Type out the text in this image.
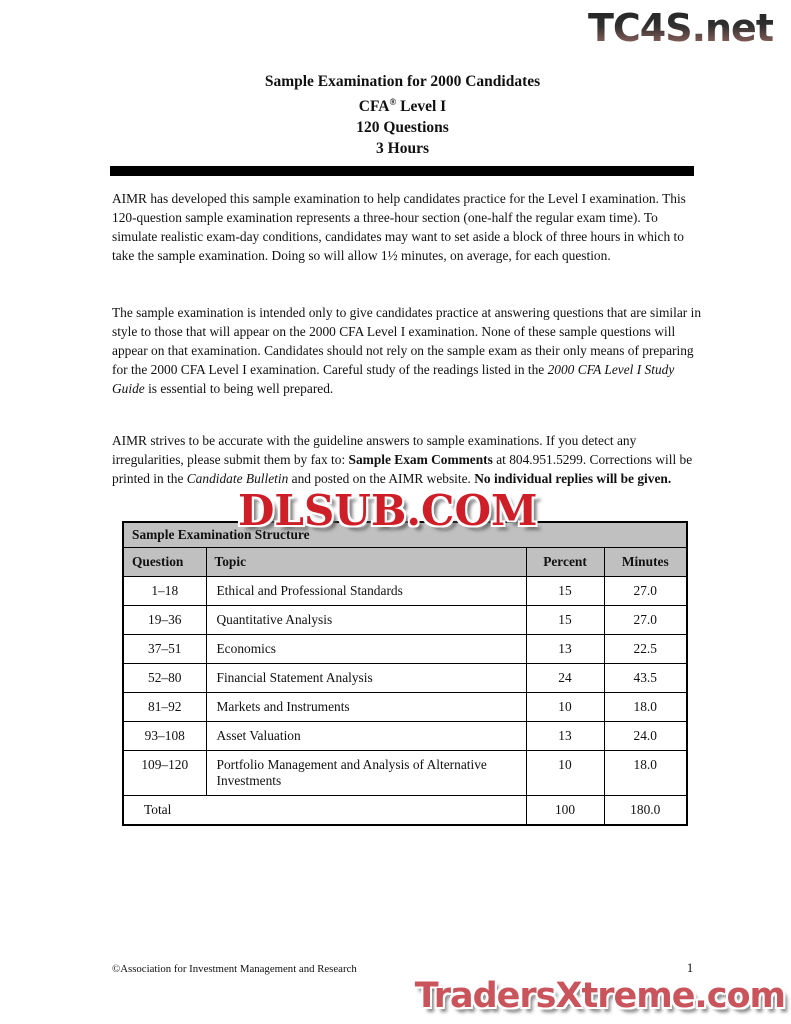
TC4S.net
Sample Examination for 2000 Candidates
CFA® Level I
120 Questions
3 Hours
AIMR has developed this sample examination to help candidates practice for the Level I examination. This 120-question sample examination represents a three-hour section (one-half the regular exam time). To simulate realistic exam-day conditions, candidates may want to set aside a block of three hours in which to take the sample examination. Doing so will allow 1½ minutes, on average, for each question.
The sample examination is intended only to give candidates practice at answering questions that are similar in style to those that will appear on the 2000 CFA Level I examination. None of these sample questions will appear on that examination. Candidates should not rely on the sample exam as their only means of preparing for the 2000 CFA Level I examination. Careful study of the readings listed in the 2000 CFA Level I Study Guide is essential to being well prepared.
AIMR strives to be accurate with the guideline answers to sample examinations. If you detect any irregularities, please submit them by fax to: Sample Exam Comments at 804.951.5299. Corrections will be printed in the Candidate Bulletin and posted on the AIMR website. No individual replies will be given.
DLSUB.COM
Sample Examination Structure			
Question	Topic	Percent	Minutes
1–18	Ethical and Professional Standards	15	27.0
19–36	Quantitative Analysis	15	27.0
37–51	Economics	13	22.5
52–80	Financial Statement Analysis	24	43.5
81–92	Markets and Instruments	10	18.0
93–108	Asset Valuation	13	24.0
109–120	Portfolio Management and Analysis of Alternative Investments	10	18.0
Total		100	180.0
©Association for Investment Management and Research	1
TradersXtreme.com
